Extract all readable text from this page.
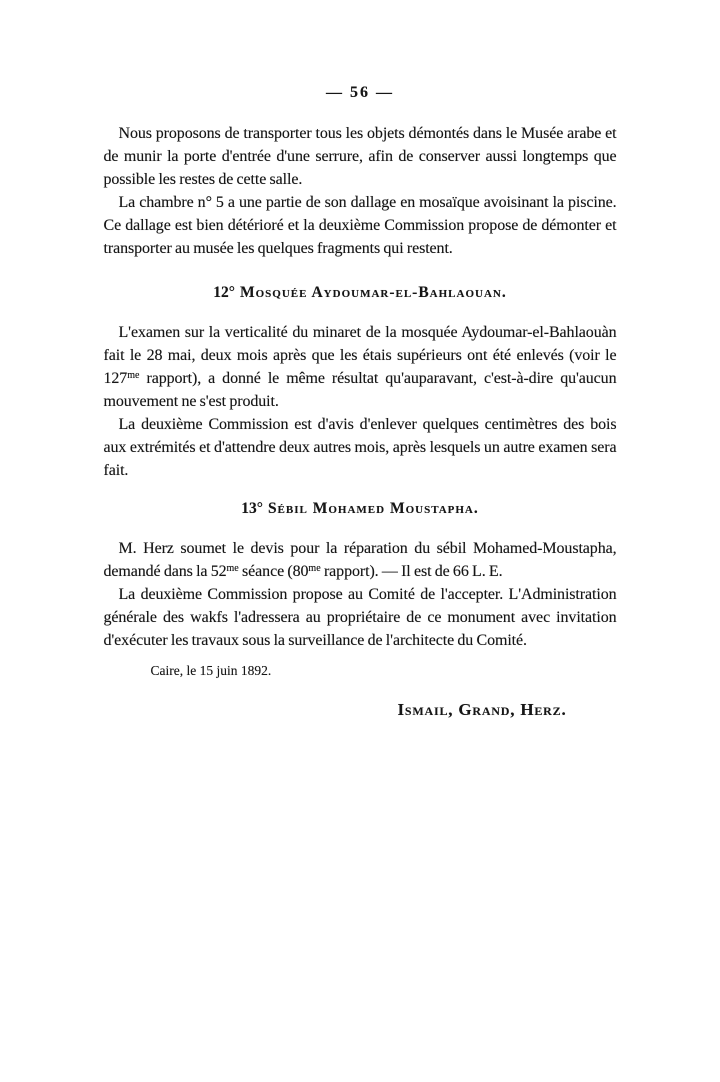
— 56 —

Nous proposons de transporter tous les objets démontés dans le Musée arabe et de munir la porte d'entrée d'une serrure, afin de conserver aussi longtemps que possible les restes de cette salle.

La chambre n° 5 a une partie de son dallage en mosaïque avoisinant la piscine. Ce dallage est bien détérioré et la deuxième Commission propose de démonter et transporter au musée les quelques fragments qui restent.

12° Mosquée Aydoumar-el-Bahlaouan.

L'examen sur la verticalité du minaret de la mosquée Aydoumar-el-Bahlaouàn fait le 28 mai, deux mois après que les étais supérieurs ont été enlevés (voir le $127^{me}$ rapport), a donné le même résultat qu'auparavant, c'est-à-dire qu'aucun mouvement ne s'est produit.

La deuxième Commission est d'avis d'enlever quelques centimètres des bois aux extrémités et d'attendre deux autres mois, après lesquels un autre examen sera fait.

13° Sébil Mohamed Moustapha.

M. Herz soumet le devis pour la réparation du sébil Mohamed-Moustapha, demandé dans la $52^{me}$ séance ($80^{me}$ rapport). — Il est de 66 L. E.

La deuxième Commission propose au Comité de l'accepter. L'Administration générale des wakfs l'adressera au propriétaire de ce monument avec invitation d'exécuter les travaux sous la surveillance de l'architecte du Comité.

Caire, le 15 juin 1892.

Ismail, Grand, Herz.
